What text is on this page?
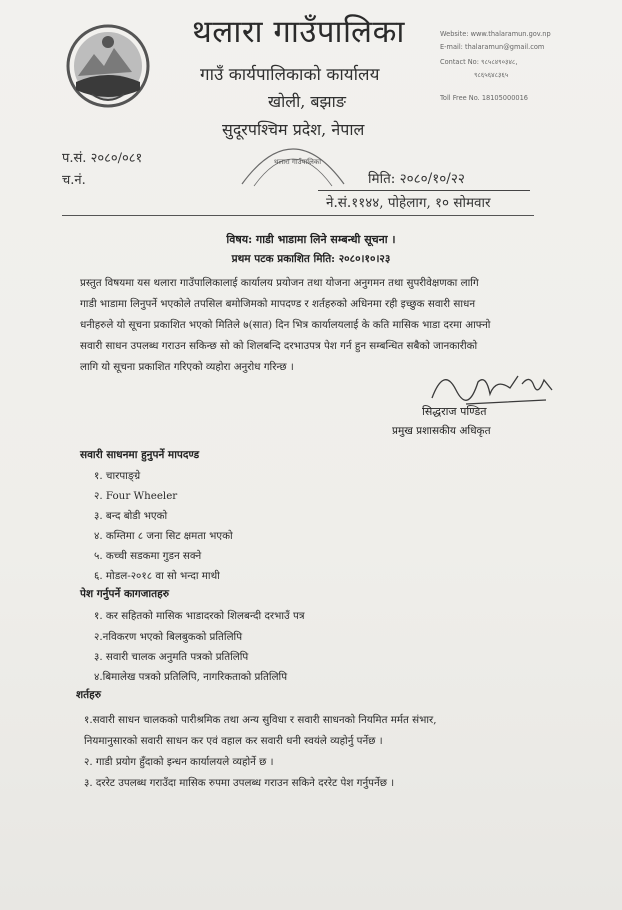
थलारा गाउँपालिका
गाउँ कार्यपालिकाको कार्यालय
खोली, बझाङ
सुदूरपश्चिम प्रदेश, नेपाल
Website: www.thalaramun.gov.np
E-mail: thalaramun@gmail.com
Contact No: ९८५८४९०३४८,
९८६५६४८३६५
Toll Free No. 18105000016
थलारा गाउँपालिका
प.सं. २०८०/०८१
च.नं.	मिति: २०८०/१०/२२
ने.सं.११४४, पोहेलाग, १० सोमवार
विषय: गाडी भाडामा लिने सम्बन्धी सूचना ।
प्रथम पटक प्रकाशित मिति: २०८०।१०।२३
प्रस्तुत विषयमा यस थलारा गाउँपालिकालाई कार्यालय प्रयोजन तथा योजना अनुगमन तथा सुपरीवेक्षणका लागि
गाडी भाडामा लिनुपर्ने भएकोले तपसिल बमोजिमको मापदण्ड र शर्तहरुको अधिनमा रही इच्छुक सवारी साधन
धनीहरुले यो सूचना प्रकाशित भएको मितिले ७(सात) दिन भित्र कार्यालयलाई के कति मासिक भाडा दरमा आफ्नो
सवारी साधन उपलब्ध गराउन सकिन्छ सो को शिलबन्दि दरभाउपत्र पेश गर्न हुन सम्बन्धित सबैको जानकारीको
लागि यो सूचना प्रकाशित गरिएको व्यहोरा अनुरोध गरिन्छ ।
सिद्धराज पण्डित
प्रमुख प्रशासकीय अधिकृत
सवारी साधनमा हुनुपर्ने मापदण्ड
१. चारपाङ्ग्रे
२. Four Wheeler
३. बन्द बोडी भएको
४. कम्तिमा ८ जना सिट क्षमता भएको
५. कच्ची सडकमा गुडन सक्ने
६. मोडल-२०१८ वा सो भन्दा माथी
पेश गर्नुपर्ने कागजातहरु
१. कर सहितको मासिक भाडादरको शिलबन्दी दरभाउँ पत्र
२.नविकरण भएको बिलबुकको प्रतिलिपि
३. सवारी चालक अनुमति पत्रको प्रतिलिपि
४.बिमालेख पत्रको प्रतिलिपि, नागरिकताको प्रतिलिपि
शर्तहरु
१.सवारी साधन चालकको पारीश्रमिक तथा अन्य सुविधा र सवारी साधनको नियमित मर्मत संभार,
नियमानुसारको सवारी साधन कर एवं वहाल कर सवारी धनी स्वयंले व्यहोर्नु पर्नेछ ।
२. गाडी प्रयोग हुँदाको इन्धन कार्यालयले व्यहोर्ने छ ।
३. दररेट उपलब्ध गराउँदा मासिक रुपमा उपलब्ध गराउन सकिने दररेट पेश गर्नुपर्नेछ ।
